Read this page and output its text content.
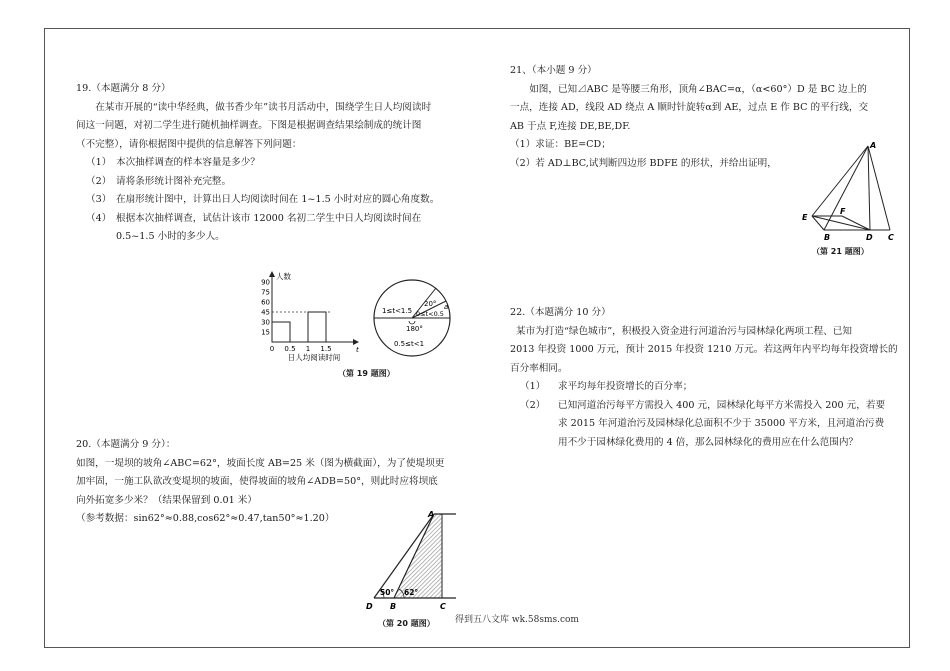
19.（本题满分 8 分）

在某市开展的“读中华经典，做书香少年”读书月活动中，围绕学生日人均阅读时

间这一问题，对初二学生进行随机抽样调查。下图是根据调查结果绘制成的统计图

（不完整），请你根据图中提供的信息解答下列问题：

（1） 本次抽样调查的样本容量是多少？
（2） 请将条形统计图补充完整。
（3） 在扇形统计图中，计算出日人均阅读时间在 1~1.5 小时对应的圆心角度数。
（4） 根据本次抽样调查，试估计该市 12000 名初二学生中日人均阅读时间在

0.5~1.5 小时的多少人。

人数
t
90
75
60
45
30
15
0 0.5 1 1.5
日人均阅读时间
1≤t<1.5
20° a
0≤t<0.5
180°
0.5≤t<1
（第 19 题图）

20.（本题满分 9 分）：

如图，一堤坝的坡角∠ABC=62°，坡面长度 AB=25 米（图为横截面），为了使堤坝更

加牢固，一施工队欲改变堤坝的坡面，使得坡面的坡角∠ADB=50°，则此时应将坝底

向外拓宽多少米？（结果保留到 0.01 米）

（参考数据：sin62°≈0.88,cos62°≈0.47,tan50°≈1.20）	A
D B	C
50° 62°
（第 20 题图）

21、（本小题 9 分）

如图，已知⊿ABC 是等腰三角形，顶角∠BAC=α，（α<60°）D 是 BC 边上的

一点，连接 AD，线段 AD 绕点 A 顺时针旋转α到 AE，过点 E 作 BC 的平行线，交

AB 于点 F,连接 DE,BE,DF.

（1）求证：BE=CD；

（2）若 AD⊥BC,试判断四边形 BDFE 的形状，并给出证明，

A
E
F
B	D C
（第 21 题图）

22.（本题满分 10 分）

某市为打造“绿色城市”，积极投入资金进行河道治污与园林绿化两项工程、已知

2013 年投资 1000 万元，预计 2015 年投资 1210 万元。若这两年内平均每年投资增长的

百分率相同。

（1）	求平均每年投资增长的百分率；
（2）	已知河道治污每平方需投入 400 元，园林绿化每平方米需投入 200 元，若要

求 2015 年河道治污及园林绿化总面积不少于 35000 平方米，且河道治污费

用不少于园林绿化费用的 4 倍，那么园林绿化的费用应在什么范围内？

得到五八文库 wk.58sms.com
